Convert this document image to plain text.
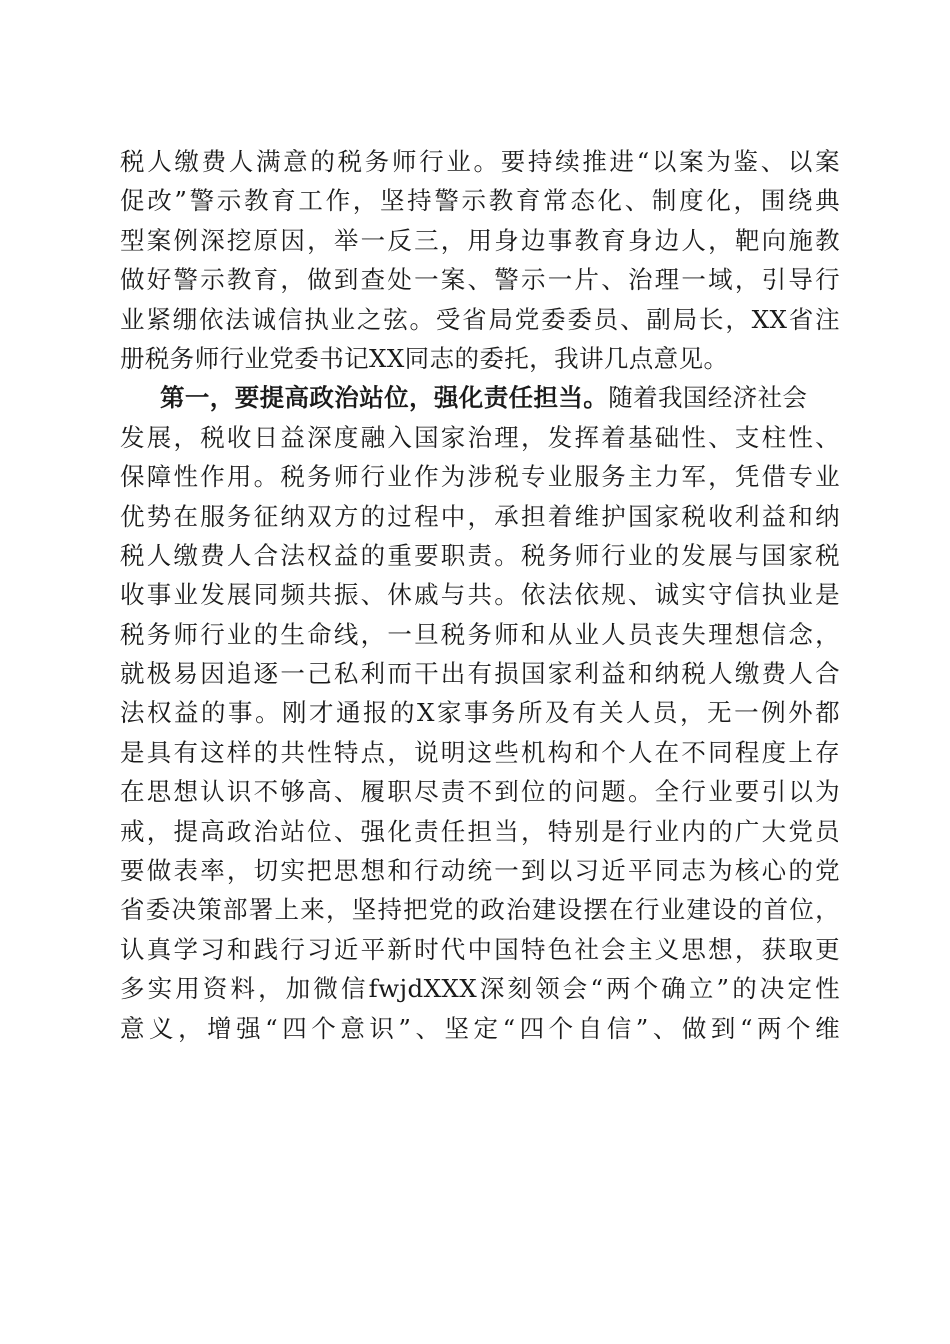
税人缴费人满意的税务师行业。要持续推进“以案为鉴、以案
促改”警示教育工作，坚持警示教育常态化、制度化，围绕典
型案例深挖原因，举一反三，用身边事教育身边人，靶向施教
做好警示教育，做到查处一案、警示一片、治理一域，引导行
业紧绷依法诚信执业之弦。受省局党委委员、副局长，XX省注
册税务师行业党委书记XX同志的委托，我讲几点意见。
第一，要提高政治站位，强化责任担当。随着我国经济社会
发展，税收日益深度融入国家治理，发挥着基础性、支柱性、
保障性作用。税务师行业作为涉税专业服务主力军，凭借专业
优势在服务征纳双方的过程中，承担着维护国家税收利益和纳
税人缴费人合法权益的重要职责。税务师行业的发展与国家税
收事业发展同频共振、休戚与共。依法依规、诚实守信执业是
税务师行业的生命线，一旦税务师和从业人员丧失理想信念，
就极易因追逐一己私利而干出有损国家利益和纳税人缴费人合
法权益的事。刚才通报的X家事务所及有关人员，无一例外都
是具有这样的共性特点，说明这些机构和个人在不同程度上存
在思想认识不够高、履职尽责不到位的问题。全行业要引以为
戒，提高政治站位、强化责任担当，特别是行业内的广大党员
要做表率，切实把思想和行动统一到以习近平同志为核心的党
省委决策部署上来，坚持把党的政治建设摆在行业建设的首位，
认真学习和践行习近平新时代中国特色社会主义思想，获取更
多实用资料，加微信fwjdXXX深刻领会“两个确立”的决定性
意义，增强“四个意识”、坚定“四个自信”、做到“两个维
